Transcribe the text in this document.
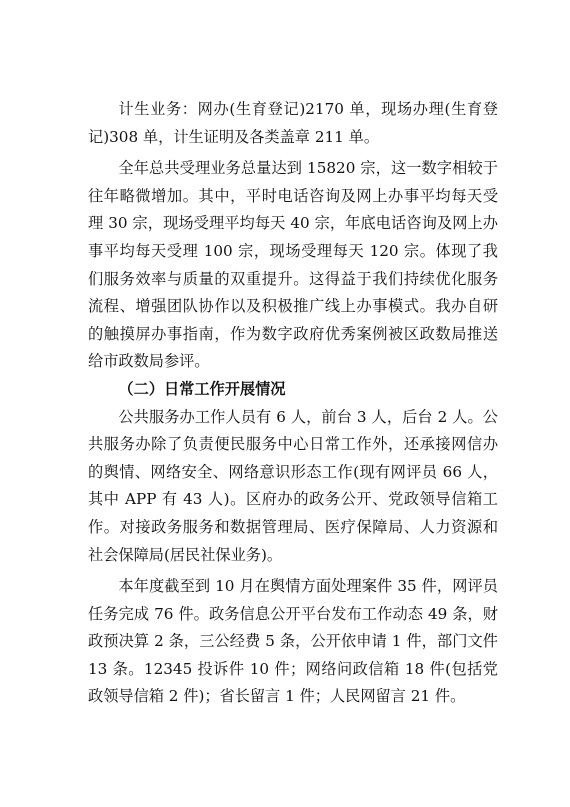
计生业务：网办(生育登记)2170 单，现场办理(生育登记)308 单，计生证明及各类盖章 211 单。

全年总共受理业务总量达到 15820 宗，这一数字相较于往年略微增加。其中，平时电话咨询及网上办事平均每天受理 30 宗，现场受理平均每天 40 宗，年底电话咨询及网上办事平均每天受理 100 宗，现场受理每天 120 宗。体现了我们服务效率与质量的双重提升。这得益于我们持续优化服务流程、增强团队协作以及积极推广线上办事模式。我办自研的触摸屏办事指南，作为数字政府优秀案例被区政数局推送给市政数局参评。

（二）日常工作开展情况

公共服务办工作人员有 6 人，前台 3 人，后台 2 人。公共服务办除了负责便民服务中心日常工作外，还承接网信办的舆情、网络安全、网络意识形态工作(现有网评员 66 人，其中 APP 有 43 人)。区府办的政务公开、党政领导信箱工作。对接政务服务和数据管理局、医疗保障局、人力资源和社会保障局(居民社保业务)。

本年度截至到 10 月在舆情方面处理案件 35 件，网评员任务完成 76 件。政务信息公开平台发布工作动态 49 条，财政预决算 2 条，三公经费 5 条，公开依申请 1 件，部门文件 13 条。12345 投诉件 10 件；网络问政信箱 18 件(包括党政领导信箱 2 件)；省长留言 1 件；人民网留言 21 件。
